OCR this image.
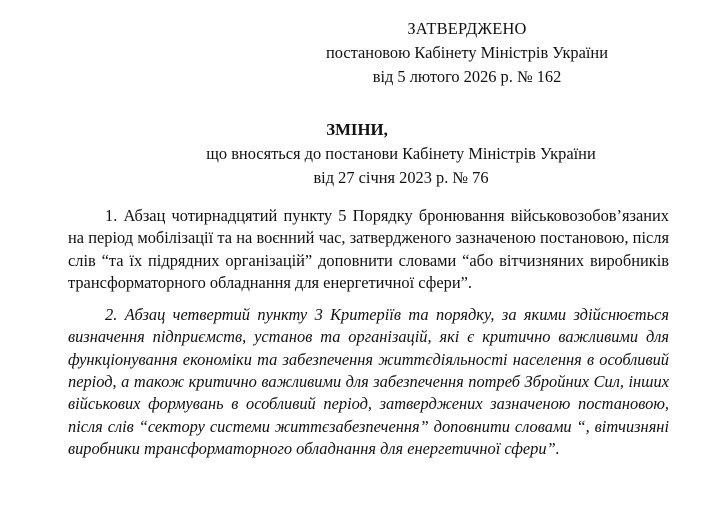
ЗАТВЕРДЖЕНО
постановою Кабінету Міністрів України
від 5 лютого 2026 р. № 162
ЗМІНИ,
що вносяться до постанови Кабінету Міністрів України
від 27 січня 2023 р. № 76

1. Абзац чотирнадцятий пункту 5 Порядку бронювання військовозобов’язаних на період мобілізації та на воєнний час, затвердженого зазначеною постановою, після слів “та їх підрядних організацій” доповнити словами “або вітчизняних виробників трансформаторного обладнання для енергетичної сфери”.

2. Абзац четвертий пункту 3 Критеріїв та порядку, за якими здійснюється визначення підприємств, установ та організацій, які є критично важливими для функціонування економіки та забезпечення життєдіяльності населення в особливий період, а також критично важливими для забезпечення потреб Збройних Сил, інших військових формувань в особливий період, затверджених зазначеною постановою, після слів “сектору системи життєзабезпечення” доповнити словами “, вітчизняні виробники трансформаторного обладнання для енергетичної сфери”.
